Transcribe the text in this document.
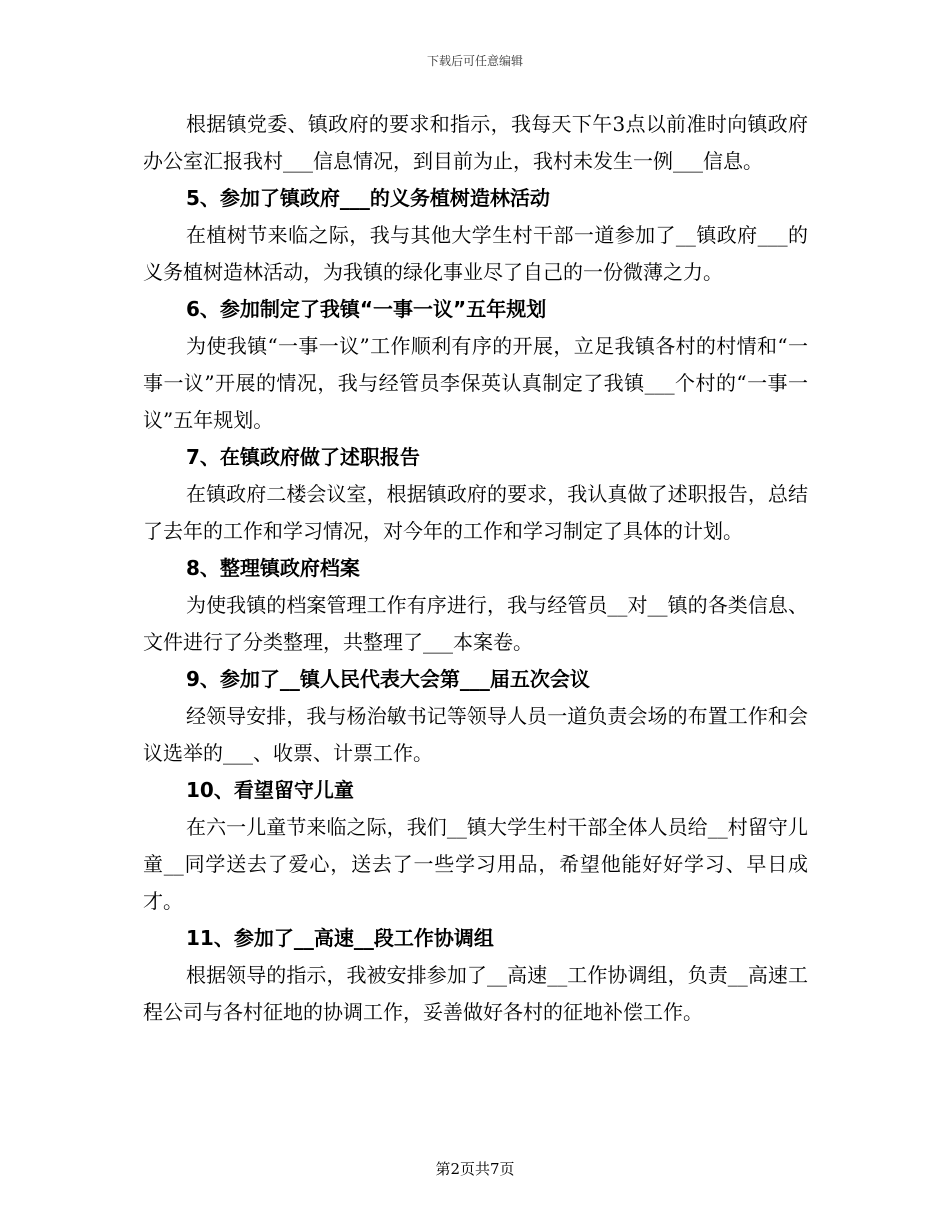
下载后可任意编辑

根据镇党委、镇政府的要求和指示，我每天下午3点以前准时向镇政府办公室汇报我村___信息情况，到目前为止，我村未发生一例___信息。

5、参加了镇政府___的义务植树造林活动

在植树节来临之际，我与其他大学生村干部一道参加了__镇政府___的义务植树造林活动，为我镇的绿化事业尽了自己的一份微薄之力。

6、参加制定了我镇“一事一议”五年规划

为使我镇“一事一议”工作顺利有序的开展，立足我镇各村的村情和“一事一议”开展的情况，我与经管员李保英认真制定了我镇___个村的“一事一议”五年规划。

7、在镇政府做了述职报告

在镇政府二楼会议室，根据镇政府的要求，我认真做了述职报告，总结了去年的工作和学习情况，对今年的工作和学习制定了具体的计划。

8、整理镇政府档案

为使我镇的档案管理工作有序进行，我与经管员__对__镇的各类信息、文件进行了分类整理，共整理了___本案卷。

9、参加了__镇人民代表大会第___届五次会议

经领导安排，我与杨治敏书记等领导人员一道负责会场的布置工作和会议选举的___、收票、计票工作。

10、看望留守儿童

在六一儿童节来临之际，我们__镇大学生村干部全体人员给__村留守儿童__同学送去了爱心，送去了一些学习用品，希望他能好好学习、早日成才。

11、参加了__高速__段工作协调组

根据领导的指示，我被安排参加了__高速__工作协调组，负责__高速工程公司与各村征地的协调工作，妥善做好各村的征地补偿工作。

第2页共7页
